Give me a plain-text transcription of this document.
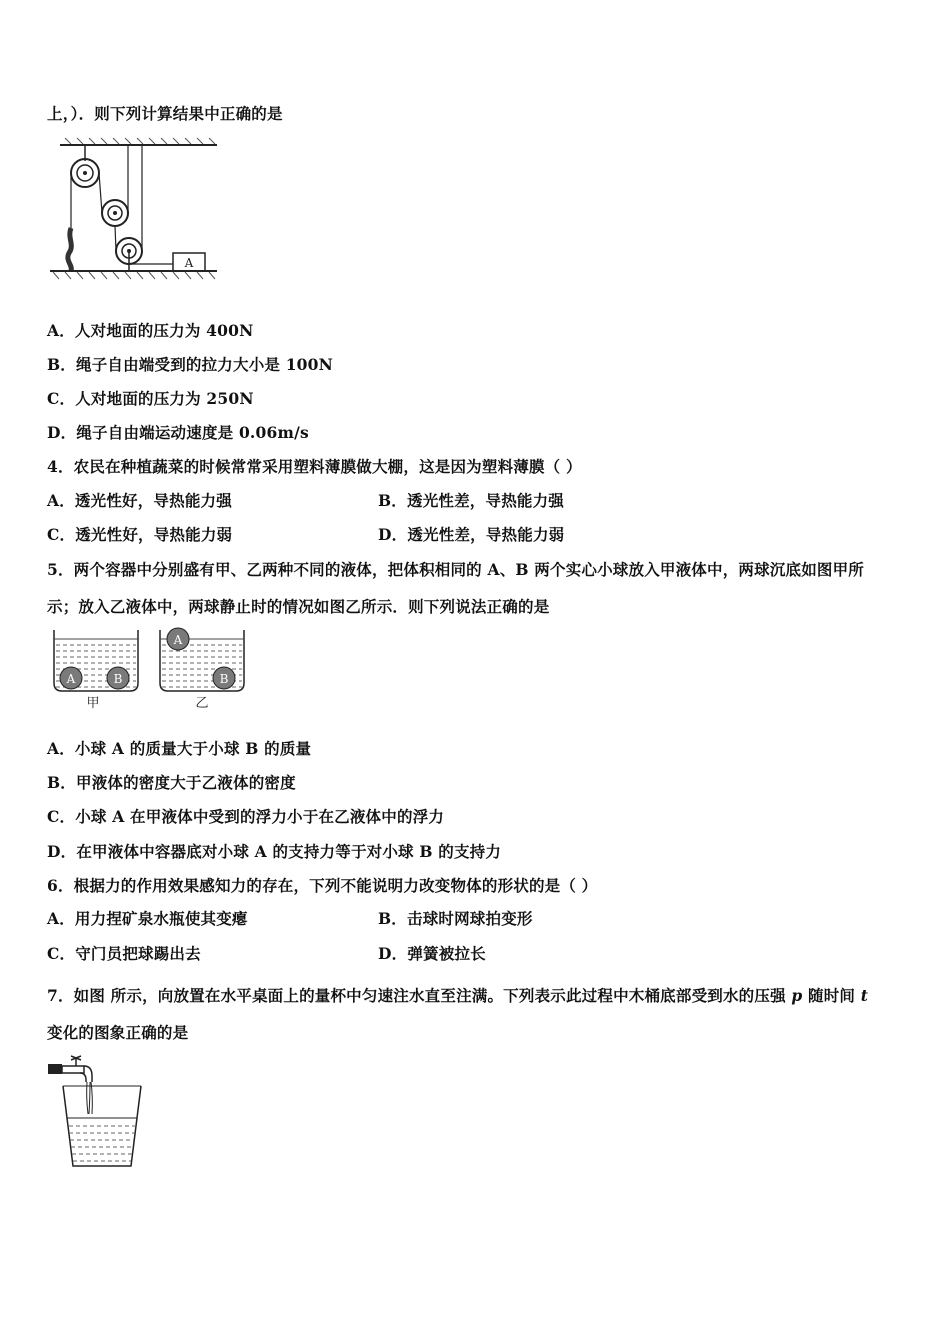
上，）．则下列计算结果中正确的是
A
A．人对地面的压力为 400N
B．绳子自由端受到的拉力大小是 100N
C．人对地面的压力为 250N
D．绳子自由端运动速度是 0.06m/s
4．农民在种植蔬菜的时候常常采用塑料薄膜做大棚，这是因为塑料薄膜（ ）
A．透光性好，导热能力强	B．透光性差，导热能力强
C．透光性好，导热能力弱	D．透光性差，导热能力弱
5．两个容器中分别盛有甲、乙两种不同的液体，把体积相同的 A、B 两个实心小球放入甲液体中，两球沉底如图甲所
示；放入乙液体中，两球静止时的情况如图乙所示．则下列说法正确的是
A	B
甲
A
B
乙
A．小球 A 的质量大于小球 B 的质量
B．甲液体的密度大于乙液体的密度
C．小球 A 在甲液体中受到的浮力小于在乙液体中的浮力
D．在甲液体中容器底对小球 A 的支持力等于对小球 B 的支持力
6．根据力的作用效果感知力的存在，下列不能说明力改变物体的形状的是（ ）
A．用力捏矿泉水瓶使其变瘪	B．击球时网球拍变形
C．守门员把球踢出去	D．弹簧被拉长
7．如图 所示，向放置在水平桌面上的量杯中匀速注水直至注满。下列表示此过程中木桶底部受到水的压强 p 随时间 t
变化的图象正确的是
